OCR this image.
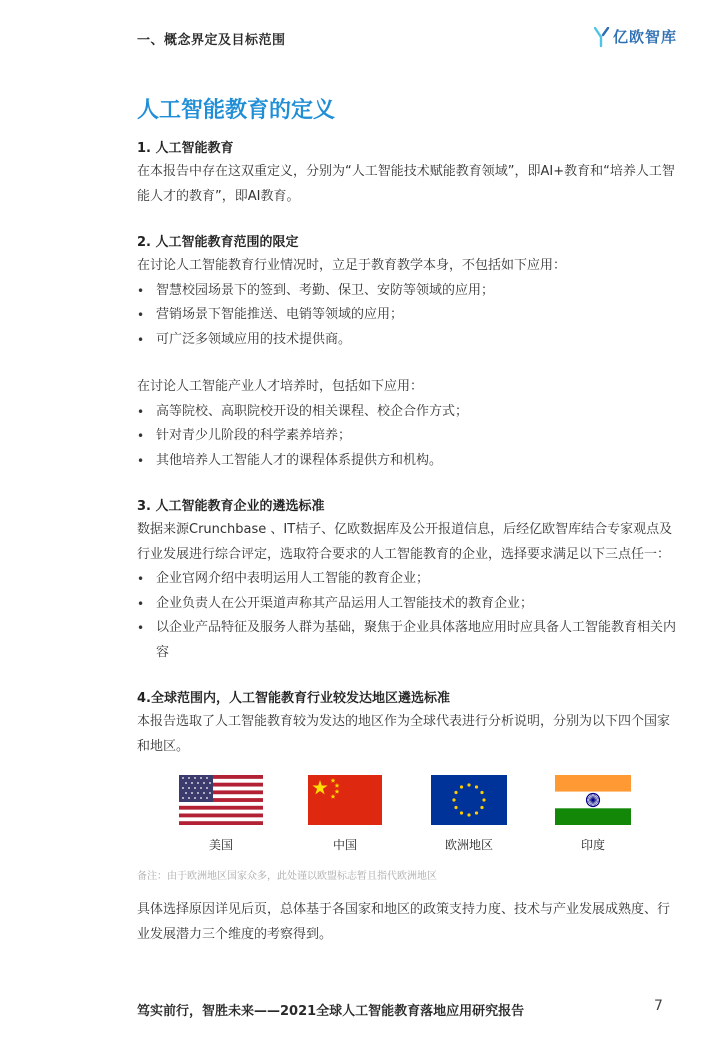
一、概念界定及目标范围	亿欧智库
人工智能教育的定义
1. 人工智能教育
在本报告中存在这双重定义，分别为“人工智能技术赋能教育领域”，即AI+教育和“培养人工智能人才的教育”，即AI教育。
2. 人工智能教育范围的限定
在讨论人工智能教育行业情况时，立足于教育教学本身，不包括如下应用：
• 智慧校园场景下的签到、考勤、保卫、安防等领域的应用；
• 营销场景下智能推送、电销等领域的应用；
• 可广泛多领域应用的技术提供商。
在讨论人工智能产业人才培养时，包括如下应用：
• 高等院校、高职院校开设的相关课程、校企合作方式；
• 针对青少儿阶段的科学素养培养；
• 其他培养人工智能人才的课程体系提供方和机构。
3. 人工智能教育企业的遴选标准
数据来源Crunchbase 、IT桔子、亿欧数据库及公开报道信息，后经亿欧智库结合专家观点及行业发展进行综合评定，选取符合要求的人工智能教育的企业，选择要求满足以下三点任一：
• 企业官网介绍中表明运用人工智能的教育企业；
• 企业负责人在公开渠道声称其产品运用人工智能技术的教育企业；
• 以企业产品特征及服务人群为基础，聚焦于企业具体落地应用时应具备人工智能教育相关内容
4.全球范围内，人工智能教育行业较发达地区遴选标准
本报告选取了人工智能教育较为发达的地区作为全球代表进行分析说明，分别为以下四个国家和地区。
美国	中国	欧洲地区	印度
备注：由于欧洲地区国家众多，此处谨以欧盟标志暂且指代欧洲地区
具体选择原因详见后页，总体基于各国家和地区的政策支持力度、技术与产业发展成熟度、行业发展潜力三个维度的考察得到。
笃实前行，智胜未来——2021全球人工智能教育落地应用研究报告	7
